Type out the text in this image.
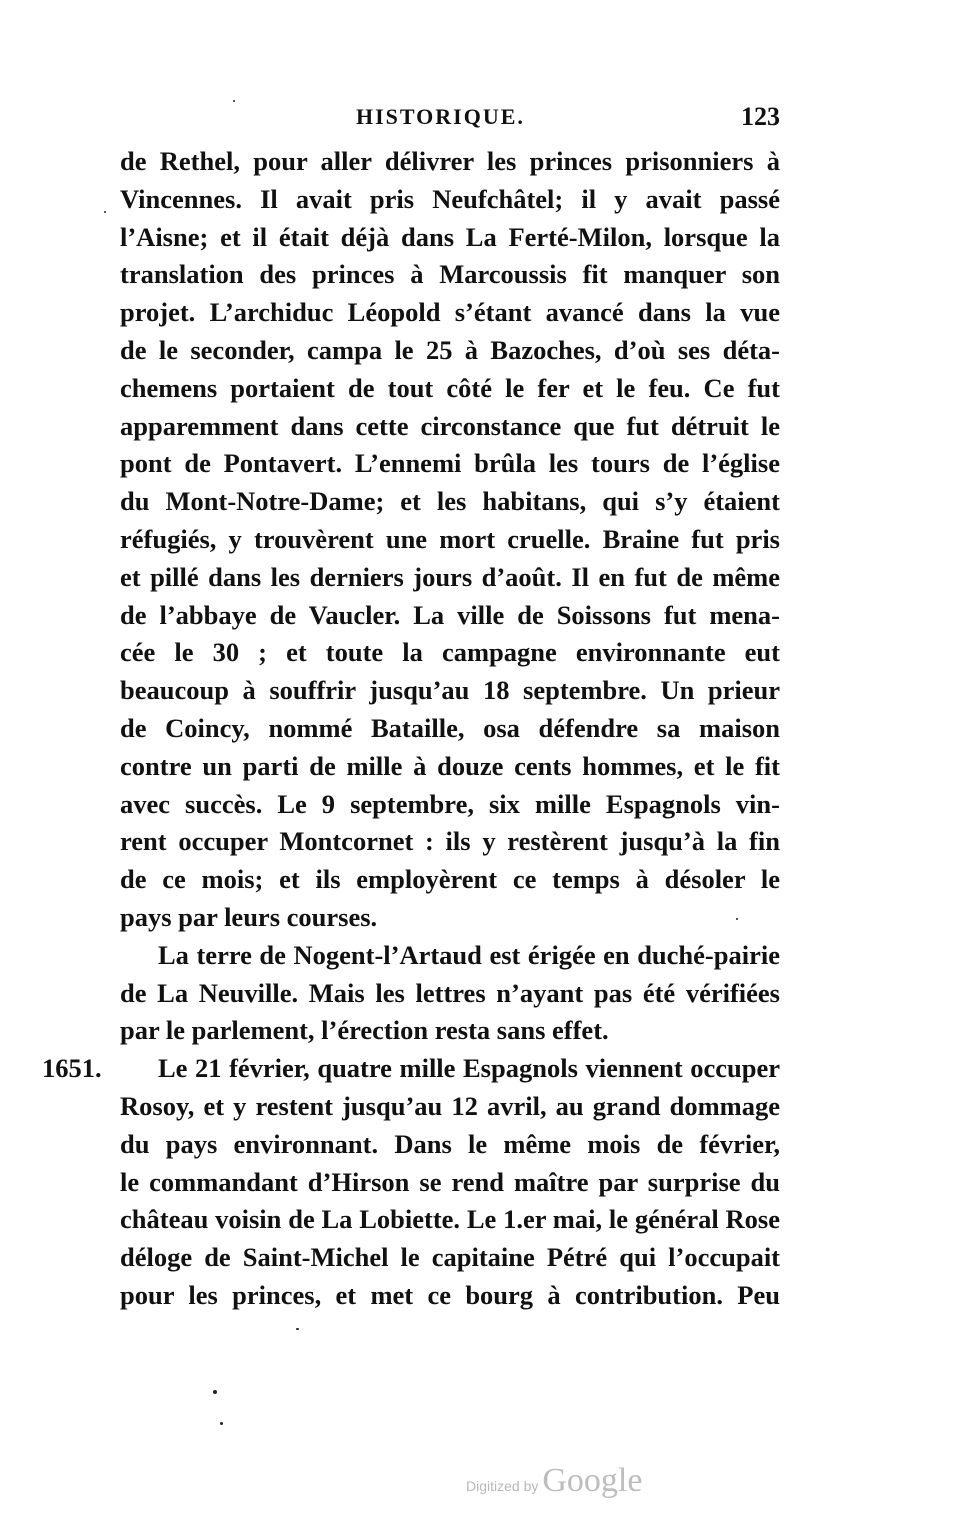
HISTORIQUE.	123
de Rethel, pour aller délivrer les princes prisonniers à
Vincennes. Il avait pris Neufchâtel; il y avait passé
l’Aisne; et il était déjà dans La Ferté-Milon, lorsque la
translation des princes à Marcoussis fit manquer son
projet. L’archiduc Léopold s’étant avancé dans la vue
de le seconder, campa le 25 à Bazoches, d’où ses déta-
chemens portaient de tout côté le fer et le feu. Ce fut
apparemment dans cette circonstance que fut détruit le
pont de Pontavert. L’ennemi brûla les tours de l’église
du Mont-Notre-Dame; et les habitans, qui s’y étaient
réfugiés, y trouvèrent une mort cruelle. Braine fut pris
et pillé dans les derniers jours d’août. Il en fut de même
de l’abbaye de Vaucler. La ville de Soissons fut mena-
cée le 30 ; et toute la campagne environnante eut
beaucoup à souffrir jusqu’au 18 septembre. Un prieur
de Coincy, nommé Bataille, osa défendre sa maison
contre un parti de mille à douze cents hommes, et le fit
avec succès. Le 9 septembre, six mille Espagnols vin-
rent occuper Montcornet : ils y restèrent jusqu’à la fin
de ce mois; et ils employèrent ce temps à désoler le
pays par leurs courses.
La terre de Nogent-l’Artaud est érigée en duché-pairie
de La Neuville. Mais les lettres n’ayant pas été vérifiées
par le parlement, l’érection resta sans effet.
Le 21 février, quatre mille Espagnols viennent occuper
Rosoy, et y restent jusqu’au 12 avril, au grand dommage
du pays environnant. Dans le même mois de février,
le commandant d’Hirson se rend maître par surprise du
château voisin de La Lobiette. Le 1.er mai, le général Rose
déloge de Saint-Michel le capitaine Pétré qui l’occupait
pour les princes, et met ce bourg à contribution. Peu
1651.
Digitized by Google
